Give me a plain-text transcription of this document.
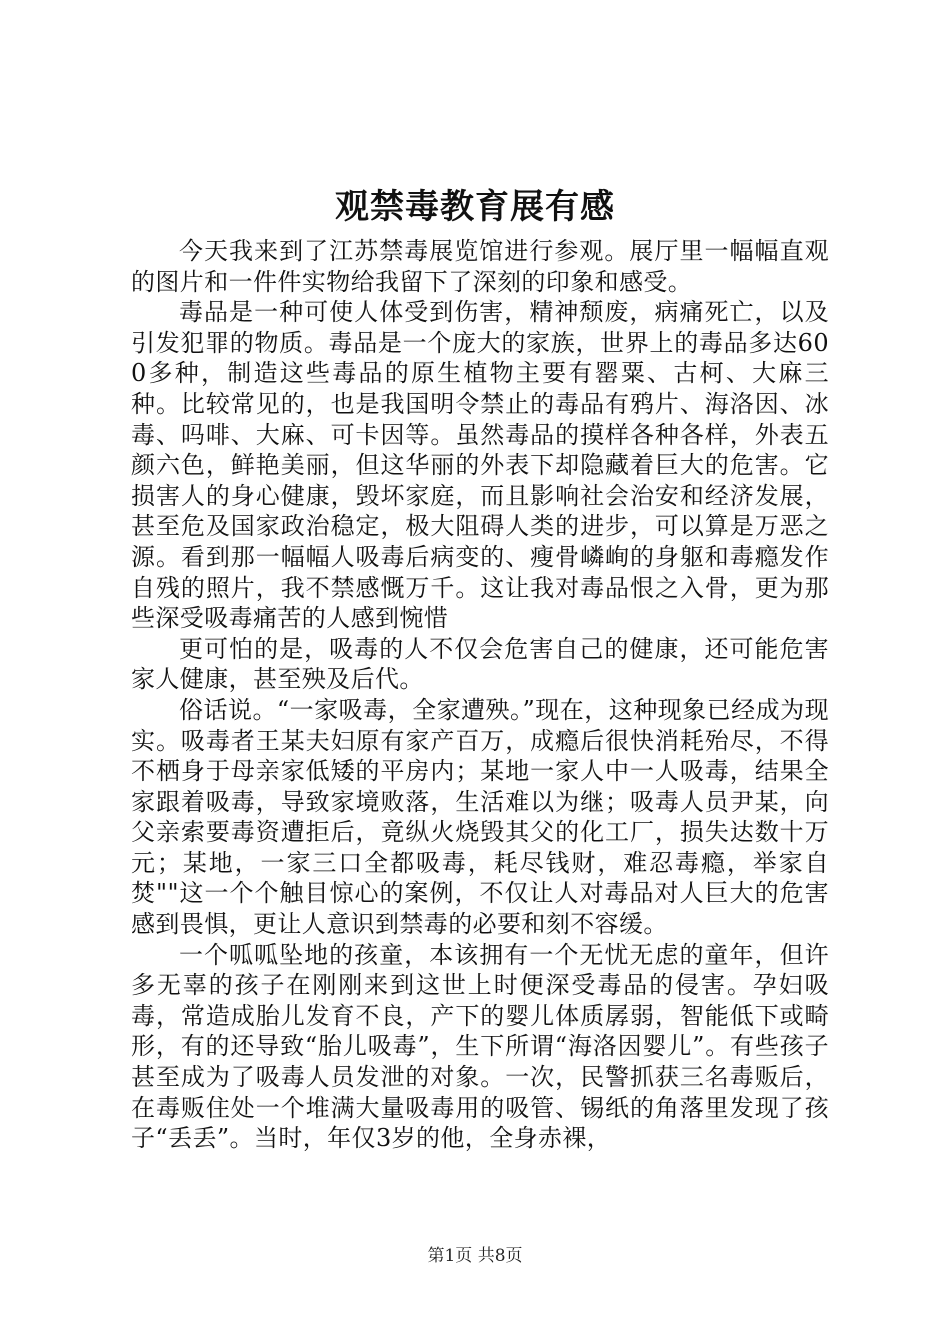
观禁毒教育展有感

今天我来到了江苏禁毒展览馆进行参观。展厅里一幅幅直观的图片和一件件实物给我留下了深刻的印象和感受。

毒品是一种可使人体受到伤害，精神颓废，病痛死亡，以及引发犯罪的物质。毒品是一个庞大的家族，世界上的毒品多达600多种，制造这些毒品的原生植物主要有罂粟、古柯、大麻三种。比较常见的，也是我国明令禁止的毒品有鸦片、海洛因、冰毒、吗啡、大麻、可卡因等。虽然毒品的摸样各种各样，外表五颜六色，鲜艳美丽，但这华丽的外表下却隐藏着巨大的危害。它损害人的身心健康，毁坏家庭，而且影响社会治安和经济发展，甚至危及国家政治稳定，极大阻碍人类的进步，可以算是万恶之源。看到那一幅幅人吸毒后病变的、瘦骨嶙峋的身躯和毒瘾发作自残的照片，我不禁感慨万千。这让我对毒品恨之入骨，更为那些深受吸毒痛苦的人感到惋惜

更可怕的是，吸毒的人不仅会危害自己的健康，还可能危害家人健康，甚至殃及后代。

俗话说。“一家吸毒，全家遭殃。”现在，这种现象已经成为现实。吸毒者王某夫妇原有家产百万，成瘾后很快消耗殆尽，不得不栖身于母亲家低矮的平房内；某地一家人中一人吸毒，结果全家跟着吸毒，导致家境败落，生活难以为继；吸毒人员尹某，向父亲索要毒资遭拒后，竟纵火烧毁其父的化工厂，损失达数十万元；某地，一家三口全都吸毒，耗尽钱财，难忍毒瘾，举家自焚""这一个个触目惊心的案例，不仅让人对毒品对人巨大的危害感到畏惧，更让人意识到禁毒的必要和刻不容缓。

一个呱呱坠地的孩童，本该拥有一个无忧无虑的童年，但许多无辜的孩子在刚刚来到这世上时便深受毒品的侵害。孕妇吸毒，常造成胎儿发育不良，产下的婴儿体质孱弱，智能低下或畸形，有的还导致“胎儿吸毒”，生下所谓“海洛因婴儿”。有些孩子甚至成为了吸毒人员发泄的对象。一次，民警抓获三名毒贩后，在毒贩住处一个堆满大量吸毒用的吸管、锡纸的角落里发现了孩子“丢丢”。当时，年仅3岁的他，全身赤裸，

第1页 共8页
